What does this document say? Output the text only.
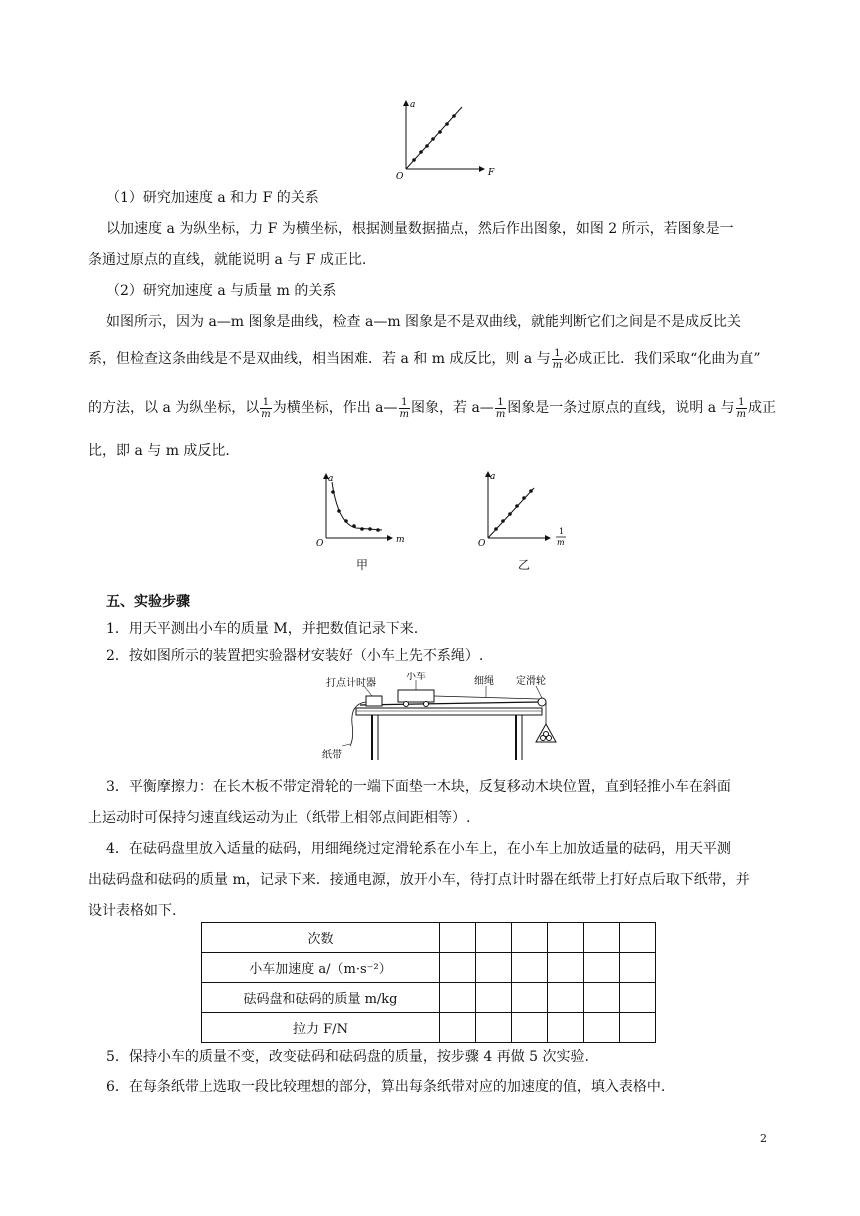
a
F
O
（1）研究加速度 a 和力 F 的关系
以加速度 a 为纵坐标，力 F 为横坐标，根据测量数据描点，然后作出图象，如图 2 所示，若图象是一
条通过原点的直线，就能说明 a 与 F 成正比.
（2）研究加速度 a 与质量 m 的关系
如图所示，因为 a—m 图象是曲线，检查 a—m 图象是不是双曲线，就能判断它们之间是不是成反比关
系，但检查这条曲线是不是双曲线，相当困难．若 a 和 m 成反比，则 a 与 $\frac{1}{m}$ 必成正比．我们采取“化曲为直”
的方法，以 a 为纵坐标，以 $\frac{1}{m}$ 为横坐标，作出 a— $\frac{1}{m}$ 图象，若 a— $\frac{1}{m}$ 图象是一条过原点的直线，说明 a 与 $\frac{1}{m}$ 成正
比，即 a 与 m 成反比.
a
m
O
甲
a
1
m
O
乙
五、实验步骤
1．用天平测出小车的质量 M，并把数值记录下来.
2．按如图所示的装置把实验器材安装好（小车上先不系绳）.
打点计时器
小车	细绳 定滑轮
纸带
3．平衡摩擦力：在长木板不带定滑轮的一端下面垫一木块，反复移动木块位置，直到轻推小车在斜面
上运动时可保持匀速直线运动为止（纸带上相邻点间距相等）.
4．在砝码盘里放入适量的砝码，用细绳绕过定滑轮系在小车上，在小车上加放适量的砝码，用天平测
出砝码盘和砝码的质量 m，记录下来．接通电源，放开小车，待打点计时器在纸带上打好点后取下纸带，并
设计表格如下.
次数						
小车加速度 a/（m·s⁻²）						
砝码盘和砝码的质量 m/kg						
拉力 F/N						
5．保持小车的质量不变，改变砝码和砝码盘的质量，按步骤 4 再做 5 次实验.
6．在每条纸带上选取一段比较理想的部分，算出每条纸带对应的加速度的值，填入表格中.
2
